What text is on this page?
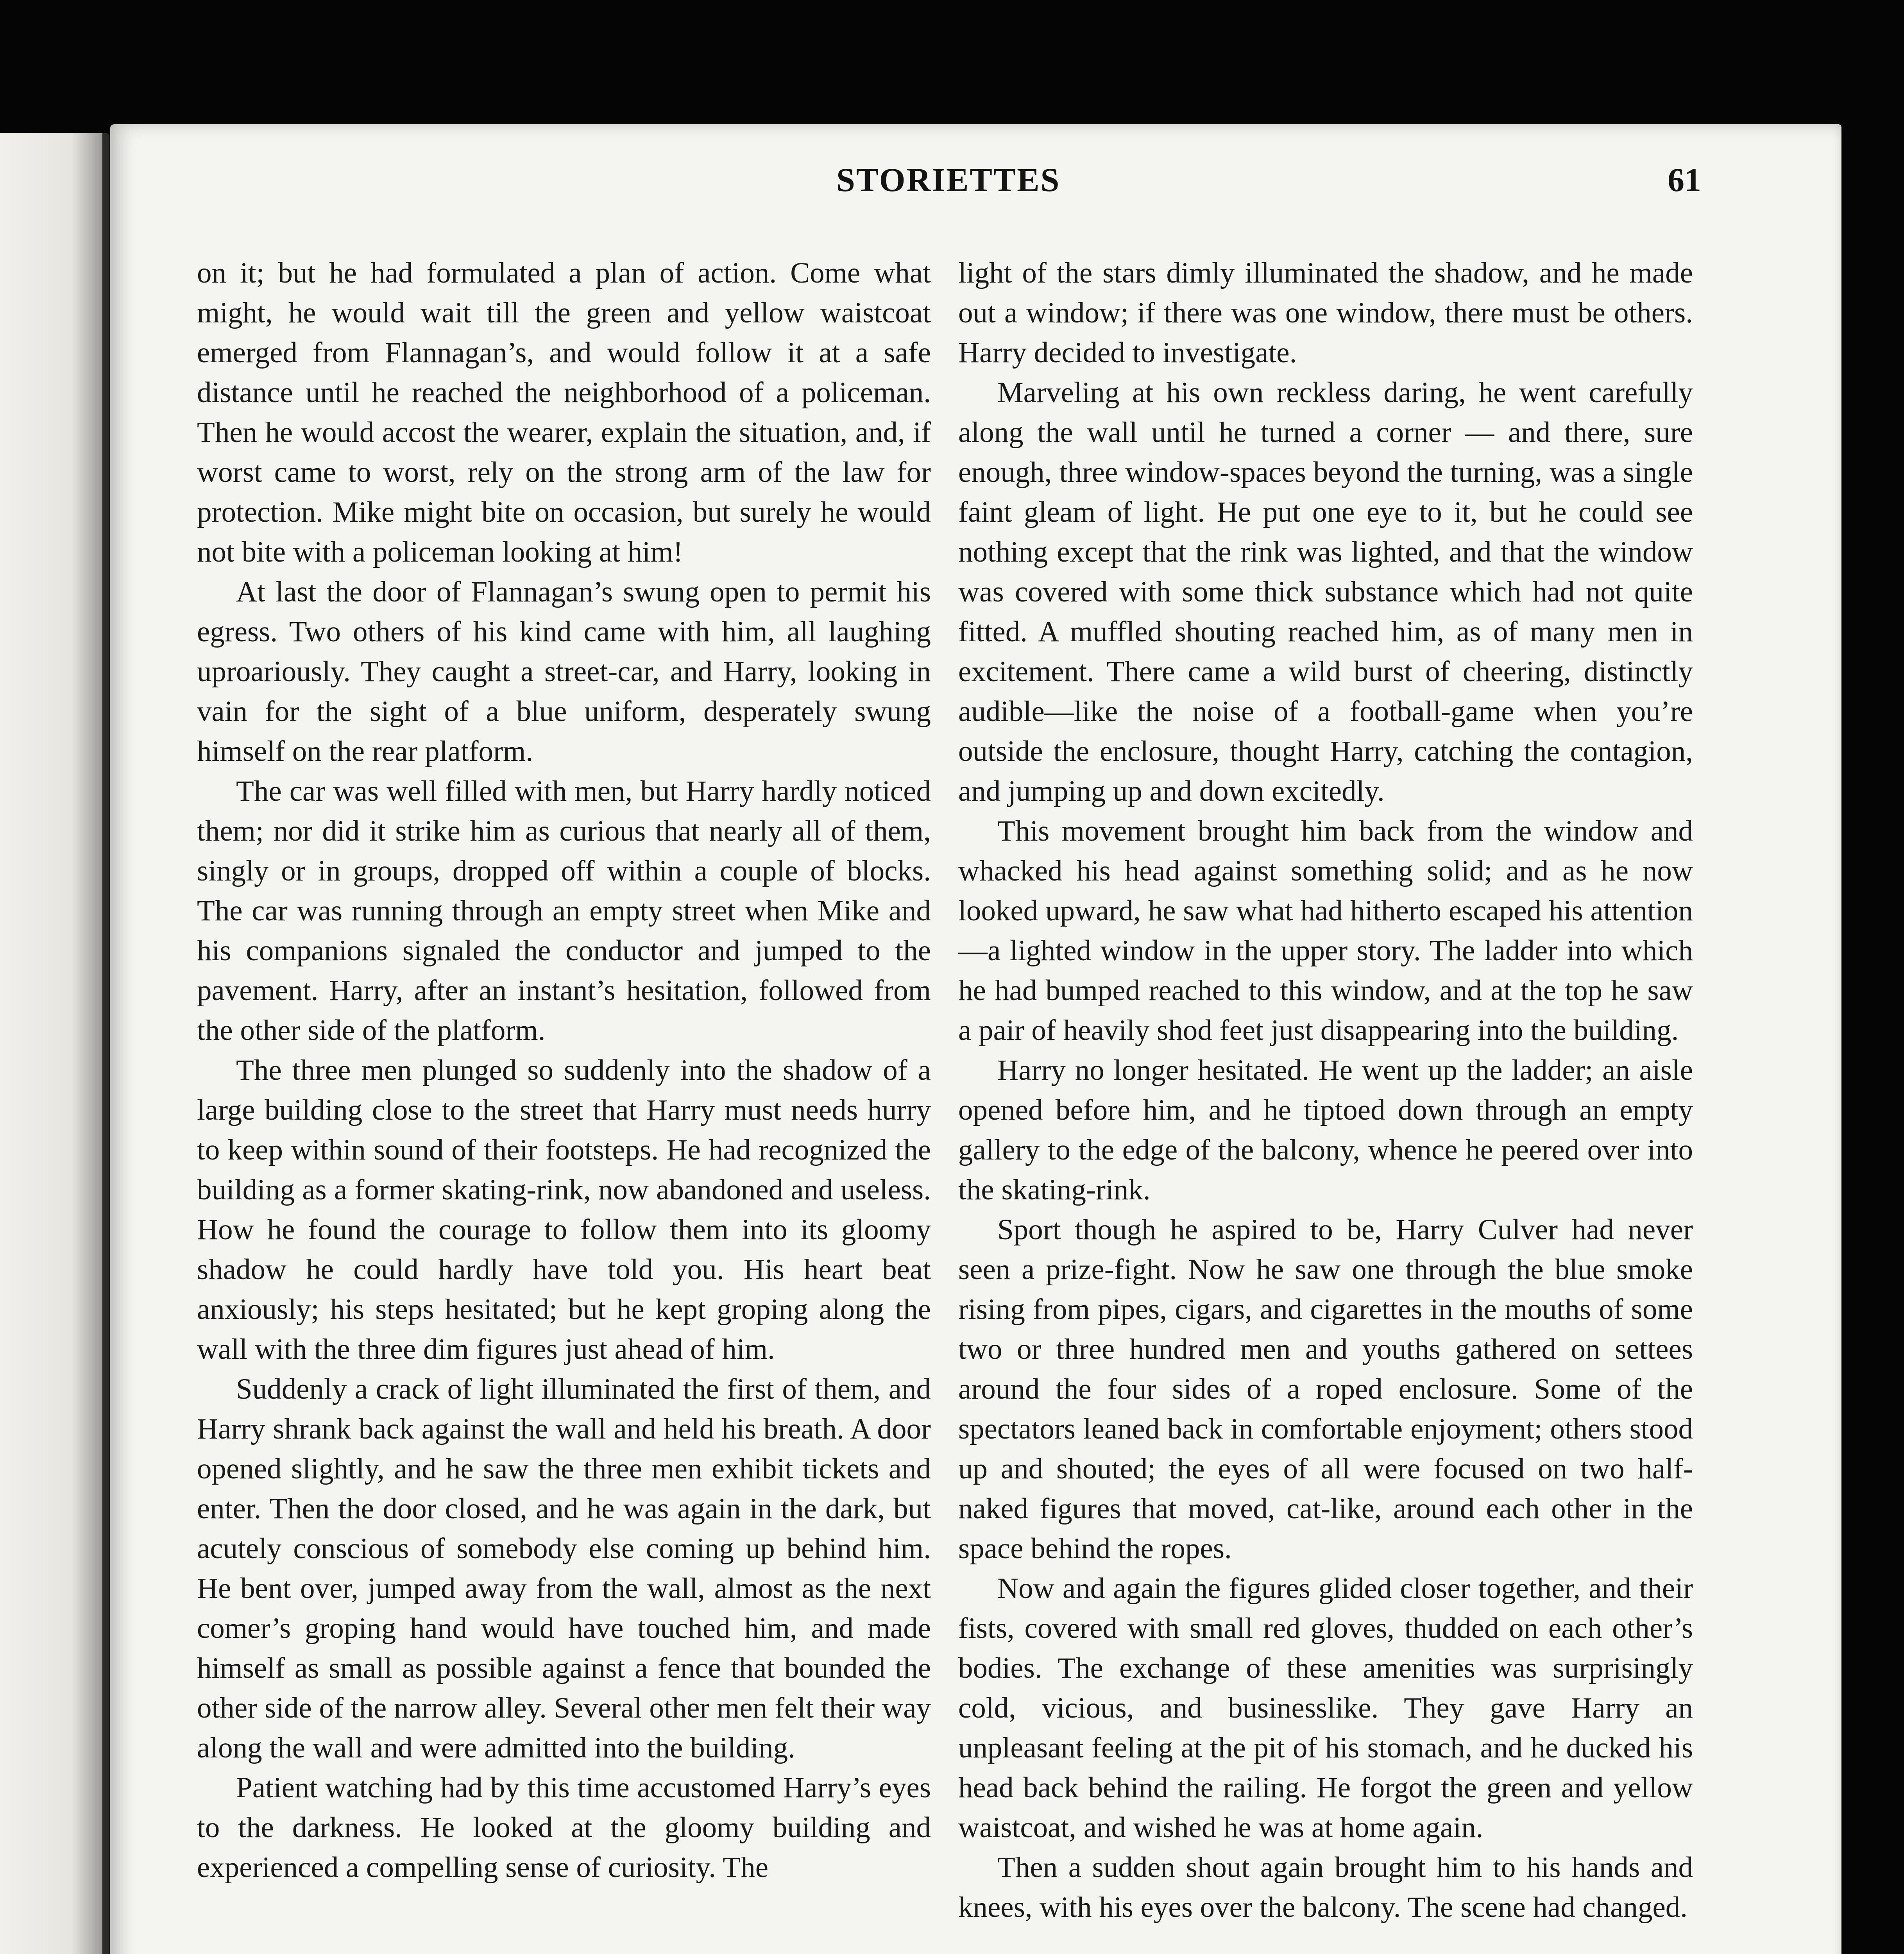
STORIETTES	61

on it; but he had formulated a plan of action. Come what might, he would wait till the green and yellow waistcoat emerged from Flannagan’s, and would follow it at a safe distance until he reached the neighborhood of a policeman. Then he would accost the wearer, explain the situation, and, if worst came to worst, rely on the strong arm of the law for protection. Mike might bite on occasion, but surely he would not bite with a policeman looking at him!

At last the door of Flannagan’s swung open to permit his egress. Two others of his kind came with him, all laughing uproariously. They caught a street-car, and Harry, looking in vain for the sight of a blue uniform, desperately swung himself on the rear platform.

The car was well filled with men, but Harry hardly noticed them; nor did it strike him as curious that nearly all of them, singly or in groups, dropped off within a couple of blocks. The car was running through an empty street when Mike and his companions signaled the conductor and jumped to the pavement. Harry, after an instant’s hesitation, followed from the other side of the platform.

The three men plunged so suddenly into the shadow of a large building close to the street that Harry must needs hurry to keep within sound of their footsteps. He had recognized the building as a former skating-rink, now abandoned and useless. How he found the courage to follow them into its gloomy shadow he could hardly have told you. His heart beat anxiously; his steps hesitated; but he kept groping along the wall with the three dim figures just ahead of him.

Suddenly a crack of light illuminated the first of them, and Harry shrank back against the wall and held his breath. A door opened slightly, and he saw the three men exhibit tickets and enter. Then the door closed, and he was again in the dark, but acutely conscious of somebody else coming up behind him. He bent over, jumped away from the wall, almost as the next comer’s groping hand would have touched him, and made himself as small as possible against a fence that bounded the other side of the narrow alley. Several other men felt their way along the wall and were admitted into the building.

Patient watching had by this time accustomed Harry’s eyes to the darkness. He looked at the gloomy building and experienced a compelling sense of curiosity. The

light of the stars dimly illuminated the shadow, and he made out a window; if there was one window, there must be others. Harry decided to investigate.

Marveling at his own reckless daring, he went carefully along the wall until he turned a corner — and there, sure enough, three window-spaces beyond the turning, was a single faint gleam of light. He put one eye to it, but he could see nothing except that the rink was lighted, and that the window was covered with some thick substance which had not quite fitted. A muffled shouting reached him, as of many men in excitement. There came a wild burst of cheering, distinctly audible—like the noise of a football-game when you’re outside the enclosure, thought Harry, catching the contagion, and jumping up and down excitedly.

This movement brought him back from the window and whacked his head against something solid; and as he now looked upward, he saw what had hitherto escaped his attention—a lighted window in the upper story. The ladder into which he had bumped reached to this window, and at the top he saw a pair of heavily shod feet just disappearing into the building.

Harry no longer hesitated. He went up the ladder; an aisle opened before him, and he tiptoed down through an empty gallery to the edge of the balcony, whence he peered over into the skating-rink.

Sport though he aspired to be, Harry Culver had never seen a prize-fight. Now he saw one through the blue smoke rising from pipes, cigars, and cigarettes in the mouths of some two or three hundred men and youths gathered on settees around the four sides of a roped enclosure. Some of the spectators leaned back in comfortable enjoyment; others stood up and shouted; the eyes of all were focused on two half-naked figures that moved, cat-like, around each other in the space behind the ropes.

Now and again the figures glided closer together, and their fists, covered with small red gloves, thudded on each other’s bodies. The exchange of these amenities was surprisingly cold, vicious, and businesslike. They gave Harry an unpleasant feeling at the pit of his stomach, and he ducked his head back behind the railing. He forgot the green and yellow waistcoat, and wished he was at home again.

Then a sudden shout again brought him to his hands and knees, with his eyes over the balcony. The scene had changed.
